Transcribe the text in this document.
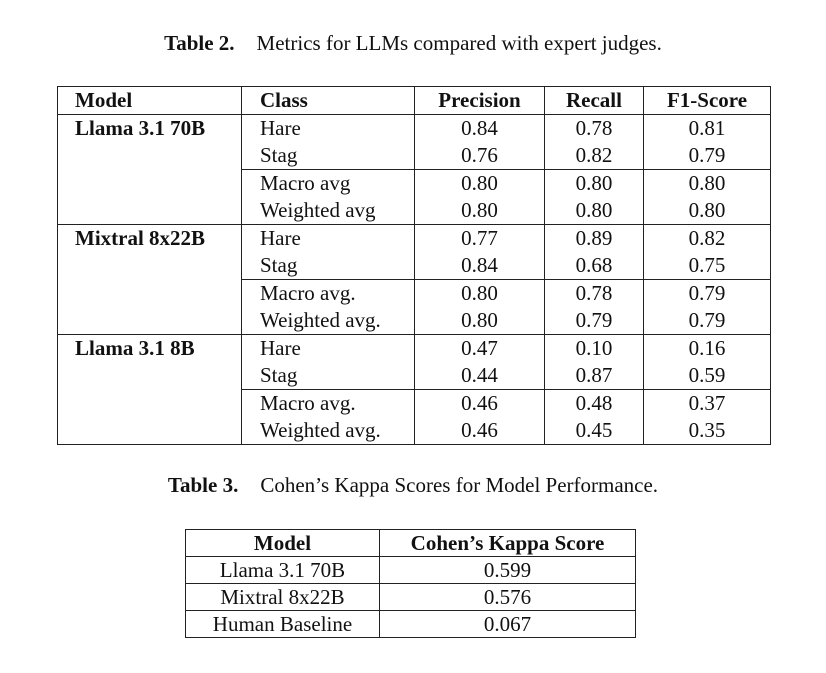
Table 2. Metrics for LLMs compared with expert judges.
Model	Class	Precision	Recall	F1-Score
Llama 3.1 70B	Hare	0.84	0.78	0.81
	Stag	0.76	0.82	0.79
	Macro avg	0.80	0.80	0.80
	Weighted avg	0.80	0.80	0.80
Mixtral 8x22B	Hare	0.77	0.89	0.82
	Stag	0.84	0.68	0.75
	Macro avg.	0.80	0.78	0.79
	Weighted avg.	0.80	0.79	0.79
Llama 3.1 8B	Hare	0.47	0.10	0.16
	Stag	0.44	0.87	0.59
	Macro avg.	0.46	0.48	0.37
	Weighted avg.	0.46	0.45	0.35
Table 3. Cohen’s Kappa Scores for Model Performance.
Model	Cohen’s Kappa Score
Llama 3.1 70B	0.599
Mixtral 8x22B	0.576
Human Baseline	0.067
